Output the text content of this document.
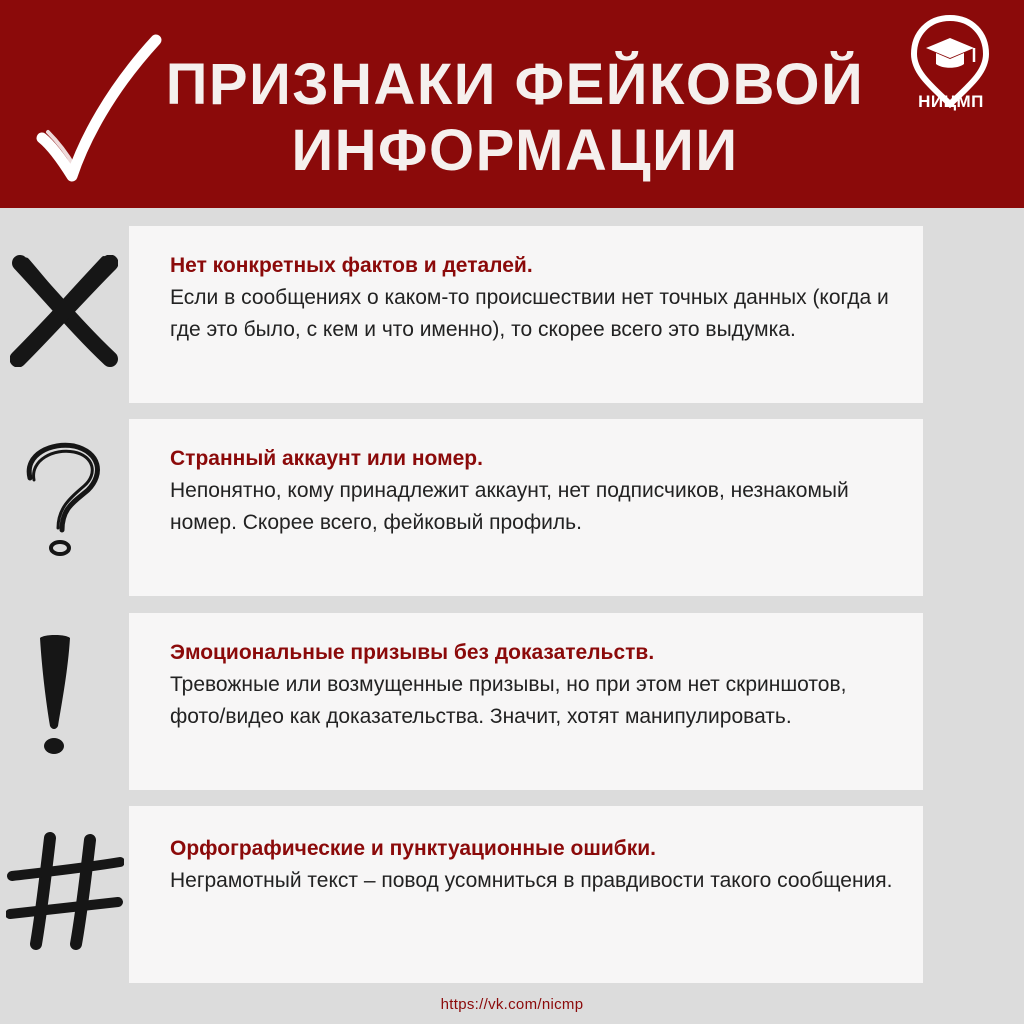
ПРИЗНАКИ ФЕЙКОВОЙ
ИНФОРМАЦИИ
НИЦМП
Нет конкретных фактов и деталей.

Если в сообщениях о каком-то происшествии нет точных данных (когда и где это было, с кем и что именно), то скорее всего это выдумка.

Странный аккаунт или номер.

Непонятно, кому принадлежит аккаунт, нет подписчиков, незнакомый номер. Скорее всего, фейковый профиль.

Эмоциональные призывы без доказательств.

Тревожные или возмущенные призывы, но при этом нет скриншотов, фото/видео как доказательства. Значит, хотят манипулировать.

Орфографические и пунктуационные ошибки.

Неграмотный текст – повод усомниться в правдивости такого сообщения.

https://vk.com/nicmp
